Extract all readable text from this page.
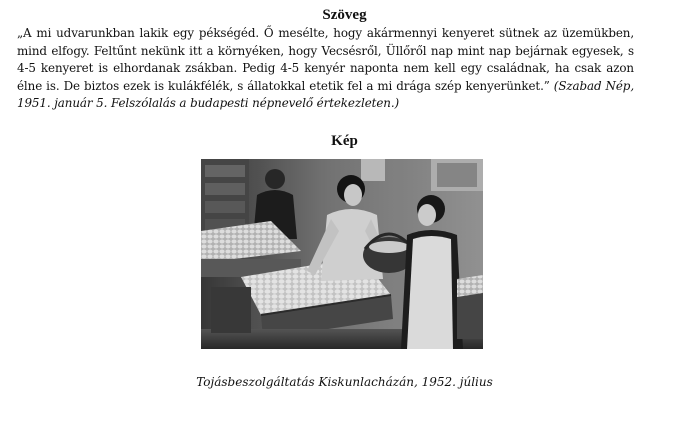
Szöveg

„A mi udvarunkban lakik egy pékségéd. Ő mesélte, hogy akármennyi kenyeret sütnek az üzemükben, mind elfogy. Feltűnt nekünk itt a környéken, hogy Vecsésről, Üllőről nap mint nap bejárnak egyesek, s 4-5 kenyeret is elhordanak zsákban. Pedig 4-5 kenyér naponta nem kell egy családnak, ha csak azon élne is. De biztos ezek is kulákfélék, s állatokkal etetik fel a mi drága szép kenyerünket.” (Szabad Nép, 1951. január 5. Felszólalás a budapesti népnevelő értekezleten.)

Kép

Tojásbeszolgáltatás Kiskunlacházán, 1952. július
